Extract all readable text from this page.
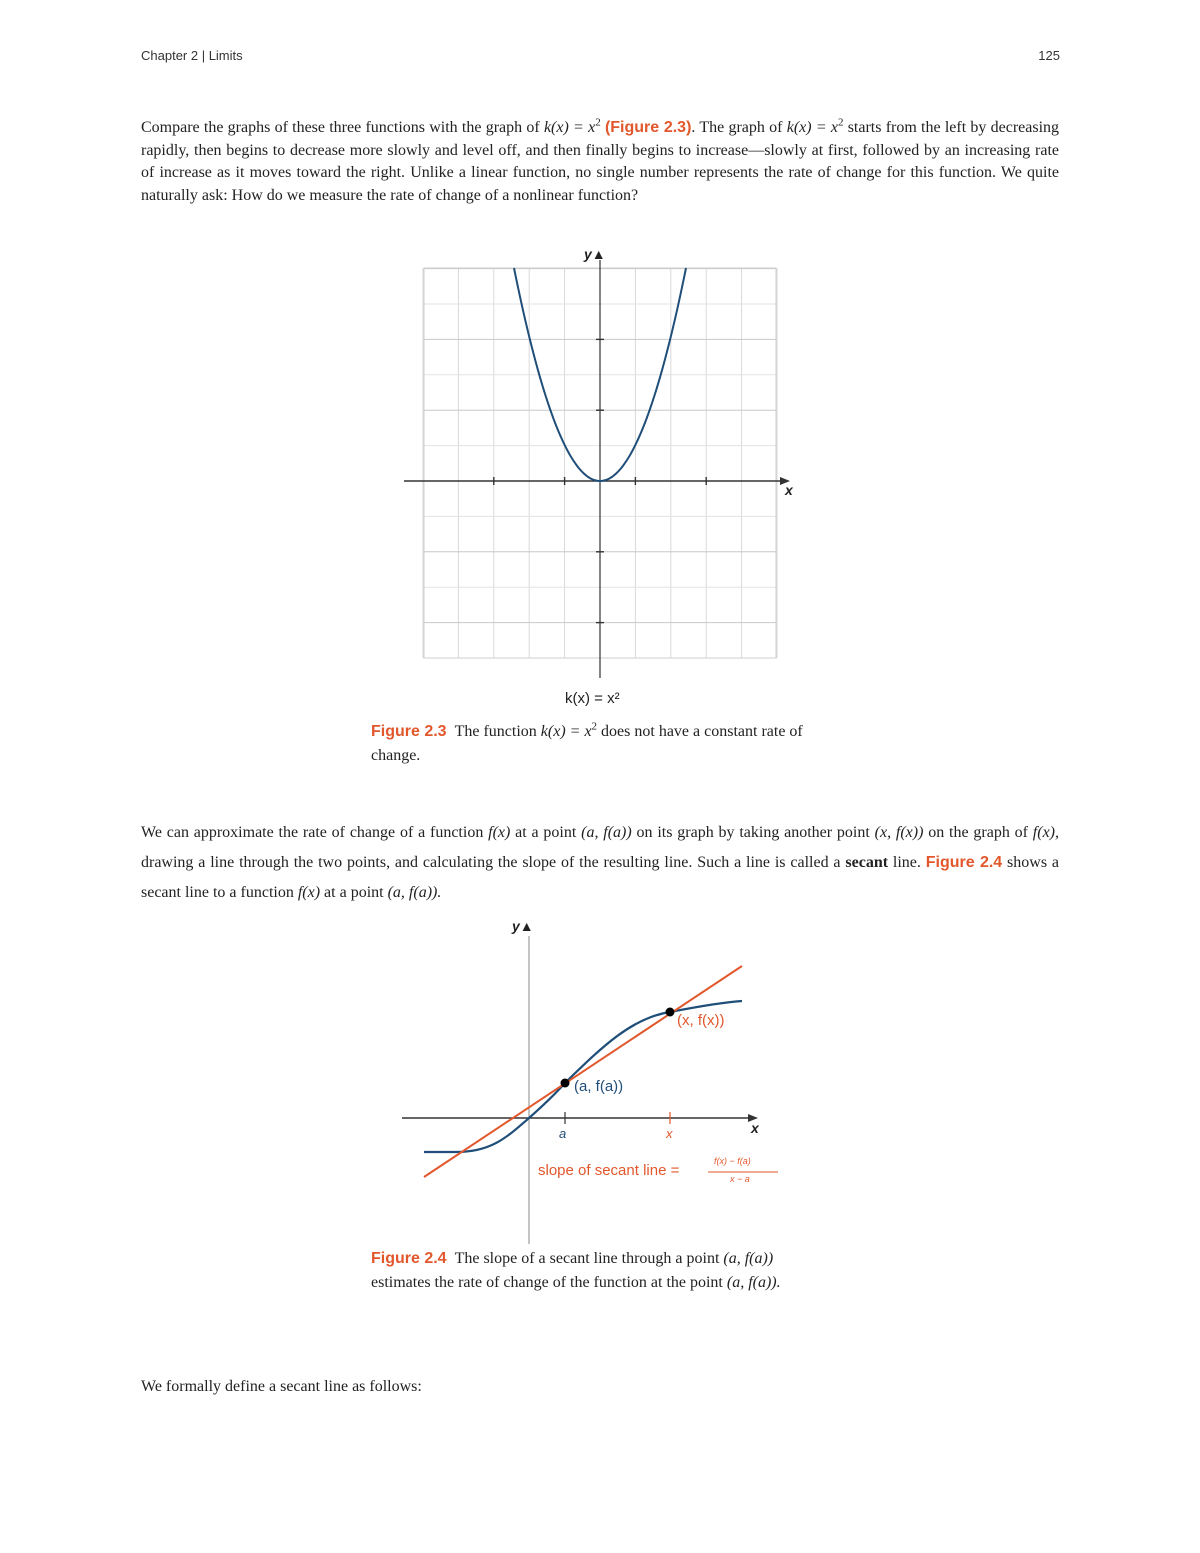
Chapter 2 | Limits	125
Compare the graphs of these three functions with the graph of $k(x) = x^2$ (Figure 2.3). The graph of $k(x) = x^2$ starts from the left by decreasing rapidly, then begins to decrease more slowly and level off, and then finally begins to increase—slowly at first, followed by an increasing rate of increase as it moves toward the right. Unlike a linear function, no single number represents the rate of change for this function. We quite naturally ask: How do we measure the rate of change of a nonlinear function?
y▲
x
k(x) = x²
Figure 2.3 The function $k(x) = x^2$ does not have a constant rate of change.
We can approximate the rate of change of a function f(x) at a point (a, f(a)) on its graph by taking another point (x, f(x)) on the graph of f(x), drawing a line through the two points, and calculating the slope of the resulting line. Such a line is called a secant line. Figure 2.4 shows a secant line to a function f(x) at a point (a, f(a)).
y▲
x
a	x
(a, f(a))
(x, f(x))
slope of secant line =
f(x) − f(a)
x − a
Figure 2.4 The slope of a secant line through a point (a, f(a)) estimates the rate of change of the function at the point (a, f(a)).
We formally define a secant line as follows:
